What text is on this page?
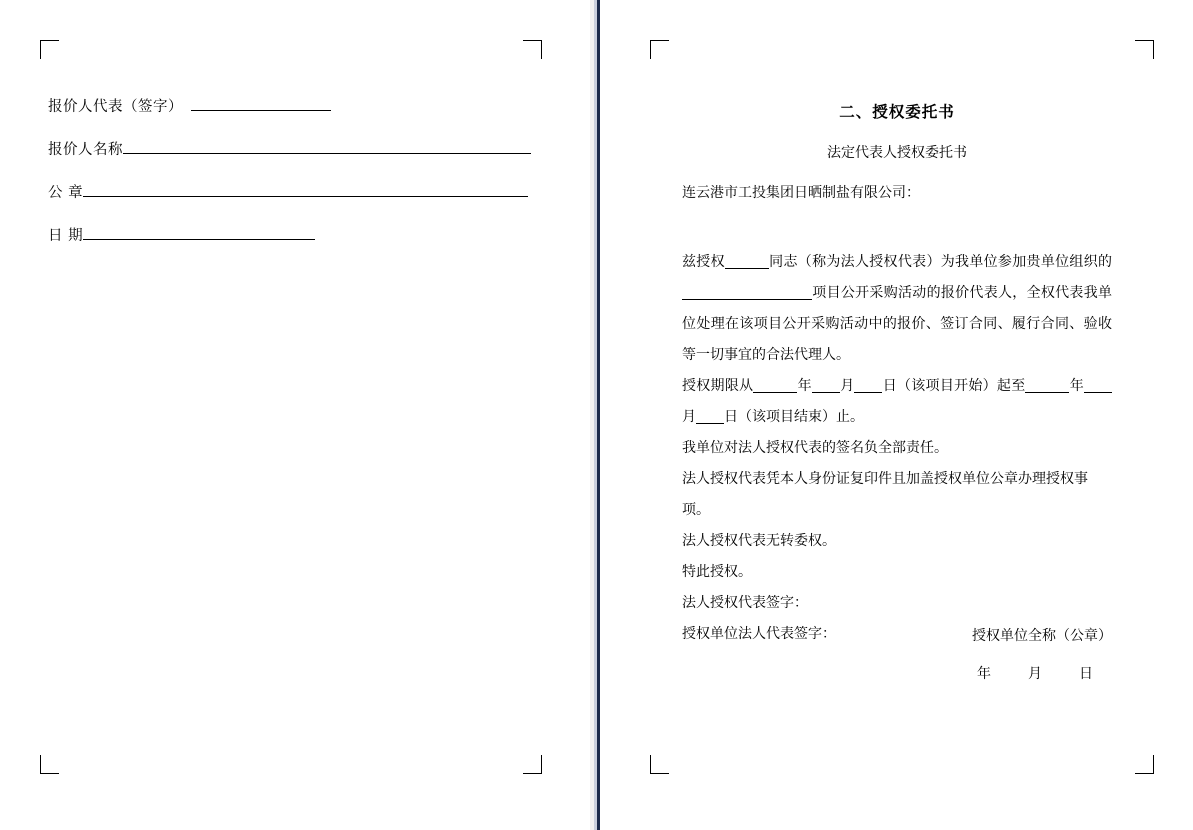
报价人代表（签字）
报价人名称
公 章
日 期
二、授权委托书
法定代表人授权委托书
连云港市工投集团日晒制盐有限公司：
兹授权	同志（称为法人授权代表）为我单位参加贵单位组织的项目公开采购活动的报价代表人，全权代表我单位处理在该项目公开采购活动中的报价、签订合同、履行合同、验收等一切事宜的合法代理人。
授权期限从	年 月 日（该项目开始）起至	年月 日（该项目结束）止。
我单位对法人授权代表的签名负全部责任。
法人授权代表凭本人身份证复印件且加盖授权单位公章办理授权事项。
法人授权代表无转委权。
特此授权。
法人授权代表签字：
授权单位法人代表签字：	授权单位全称（公章）
年	月	日
